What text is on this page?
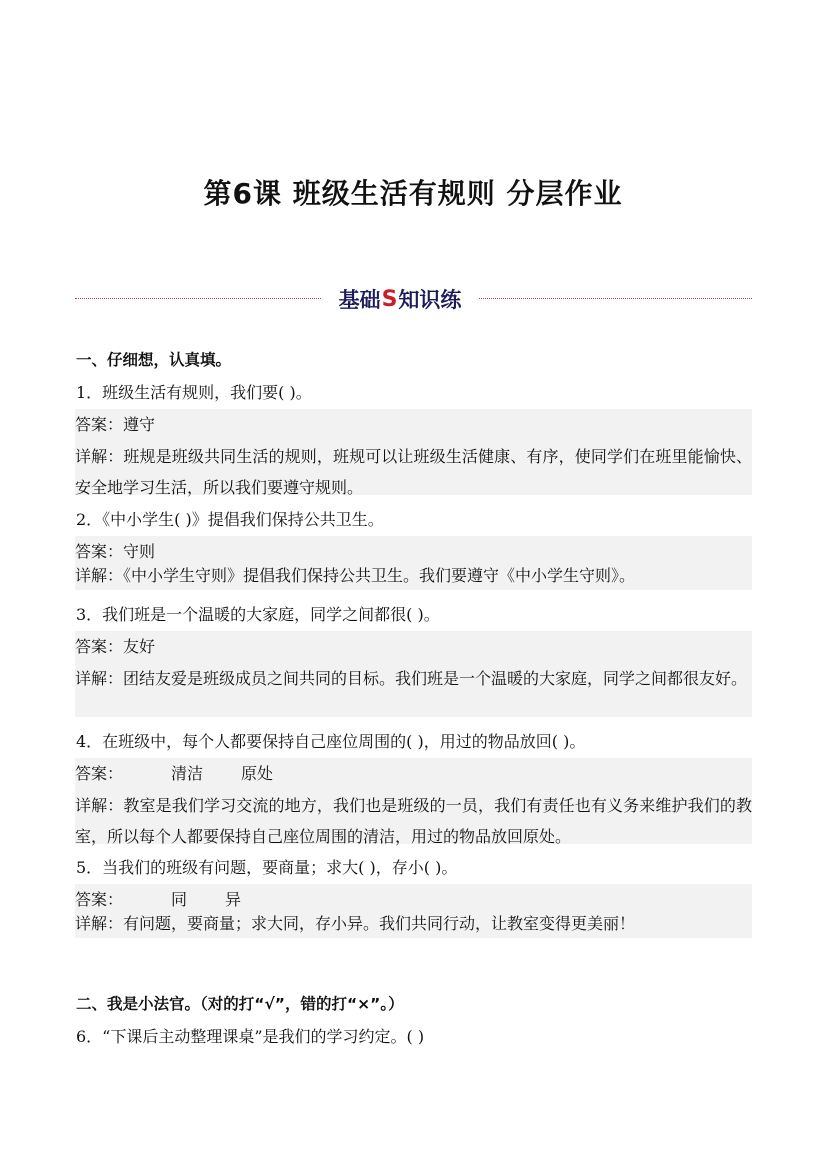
第6课 班级生活有规则 分层作业
基础 S 知识练
一、仔细想，认真填。
1．班级生活有规则，我们要( )。
答案：遵守
详解：班规是班级共同生活的规则，班规可以让班级生活健康、有序，使同学们在班里能愉快、安全地学习生活，所以我们要遵守规则。
2．《中小学生( )》提倡我们保持公共卫生。
答案：守则
详解：《中小学生守则》提倡我们保持公共卫生。我们要遵守《中小学生守则》。
3．我们班是一个温暖的大家庭，同学之间都很( )。
答案：友好
详解：团结友爱是班级成员之间共同的目标。我们班是一个温暖的大家庭，同学之间都很友好。
4．在班级中，每个人都要保持自己座位周围的( )，用过的物品放回( )。
答案：	清洁 原处
详解：教室是我们学习交流的地方，我们也是班级的一员，我们有责任也有义务来维护我们的教室，所以每个人都要保持自己座位周围的清洁，用过的物品放回原处。
5．当我们的班级有问题，要商量；求大( )，存小( )。
答案：	同 异
详解：有问题，要商量；求大同，存小异。我们共同行动，让教室变得更美丽！
二、我是小法官。（对的打“√”，错的打“×”。）
6．“下课后主动整理课桌”是我们的学习约定。( )
